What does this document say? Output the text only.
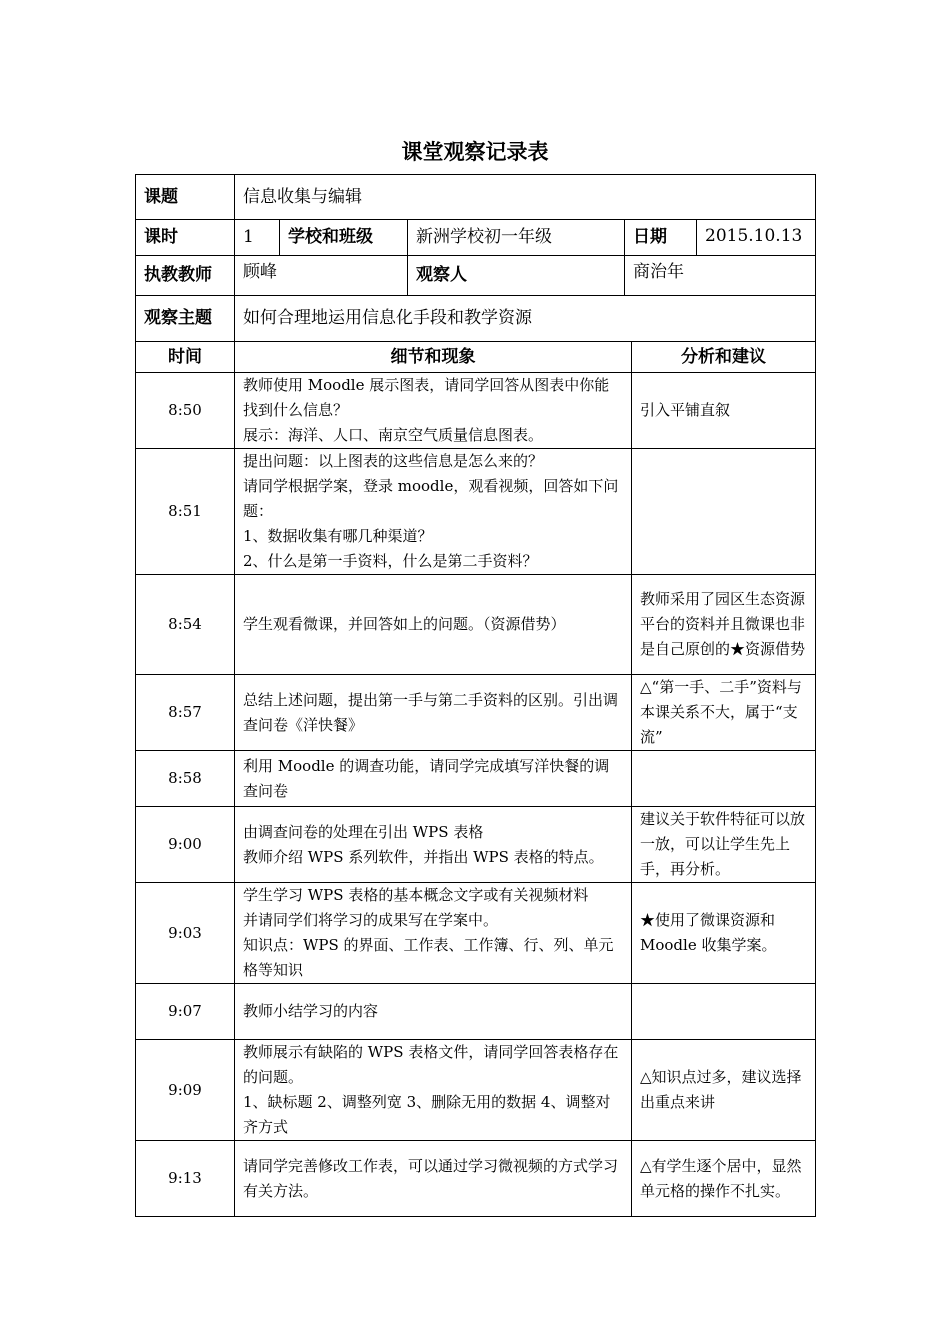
课堂观察记录表
课题	信息收集与编辑					
课时	1	学校和班级	新洲学校初一年级	日期		2015.10.13
执教教师	顾峰		观察人	商治年		
观察主题	如何合理地运用信息化手段和教学资源					
时间	细节和现象				分析和建议	
8:50	教师使用 Moodle 展示图表，请同学回答从图表中你能找到什么信息？
展示：海洋、人口、南京空气质量信息图表。				引入平铺直叙	

8:51	提出问题：以上图表的这些信息是怎么来的？
请同学根据学案，登录 moodle，观看视频，回答如下问题：
1、数据收集有哪几种渠道？
2、什么是第一手资料，什么是第二手资料？					

8:54	学生观看微课，并回答如上的问题。（资源借势）				教师采用了园区生态资源平台的资料并且微课也非是自己原创的★资源借势	

8:57	总结上述问题，提出第一手与第二手资料的区别。引出调查问卷《洋快餐》				△“第一手、二手”资料与本课关系不大，属于“支流”	

8:58	利用 Moodle 的调查功能，请同学完成填写洋快餐的调查问卷					

9:00	由调查问卷的处理在引出 WPS 表格
教师介绍 WPS 系列软件，并指出 WPS 表格的特点。				建议关于软件特征可以放一放，可以让学生先上手，再分析。	

9:03	学生学习 WPS 表格的基本概念文字或有关视频材料
并请同学们将学习的成果写在学案中。
知识点：WPS 的界面、工作表、工作簿、行、列、单元格等知识				★使用了微课资源和 Moodle 收集学案。	

9:07	教师小结学习的内容					

9:09	教师展示有缺陷的 WPS 表格文件，请同学回答表格存在的问题。
1、缺标题 2、调整列宽 3、删除无用的数据 4、调整对齐方式				△知识点过多，建议选择出重点来讲	

9:13	请同学完善修改工作表，可以通过学习微视频的方式学习有关方法。				△有学生逐个居中，显然单元格的操作不扎实。	
